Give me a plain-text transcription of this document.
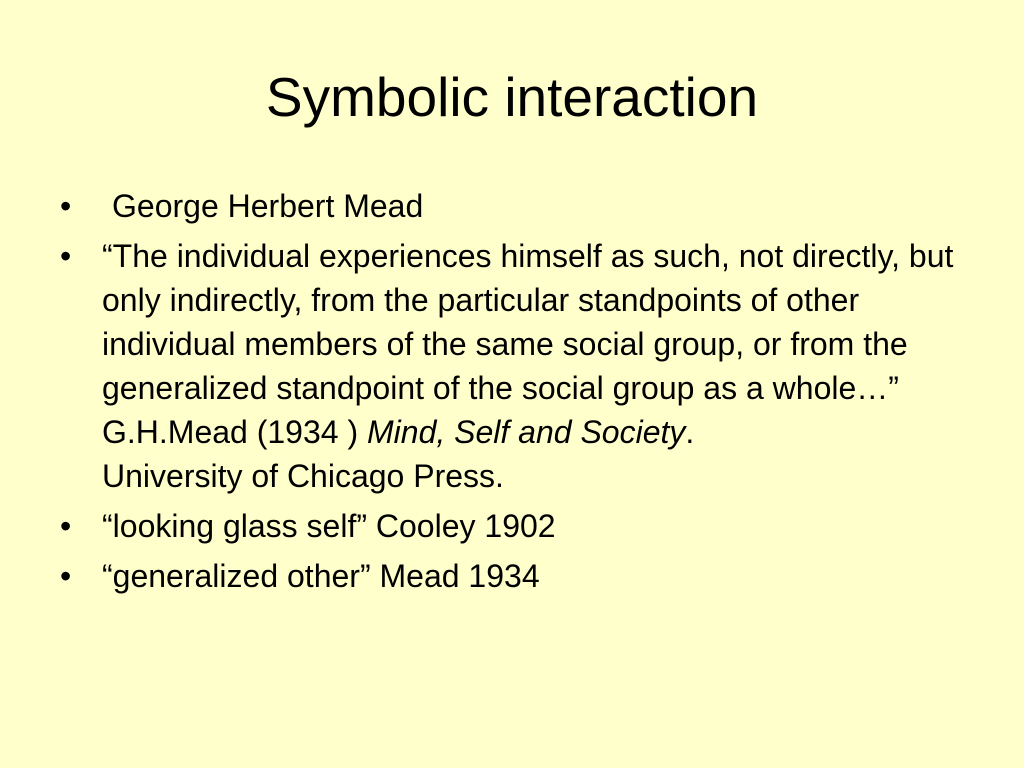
Symbolic interaction
• George Herbert Mead
• “The individual experiences himself as such, not directly, but only indirectly, from the particular standpoints of other individual members of the same social group, or from the generalized standpoint of the social group as a whole…”
G.H.Mead (1934 ) Mind, Self and Society.
University of Chicago Press.
• “looking glass self” Cooley 1902
• “generalized other” Mead 1934
